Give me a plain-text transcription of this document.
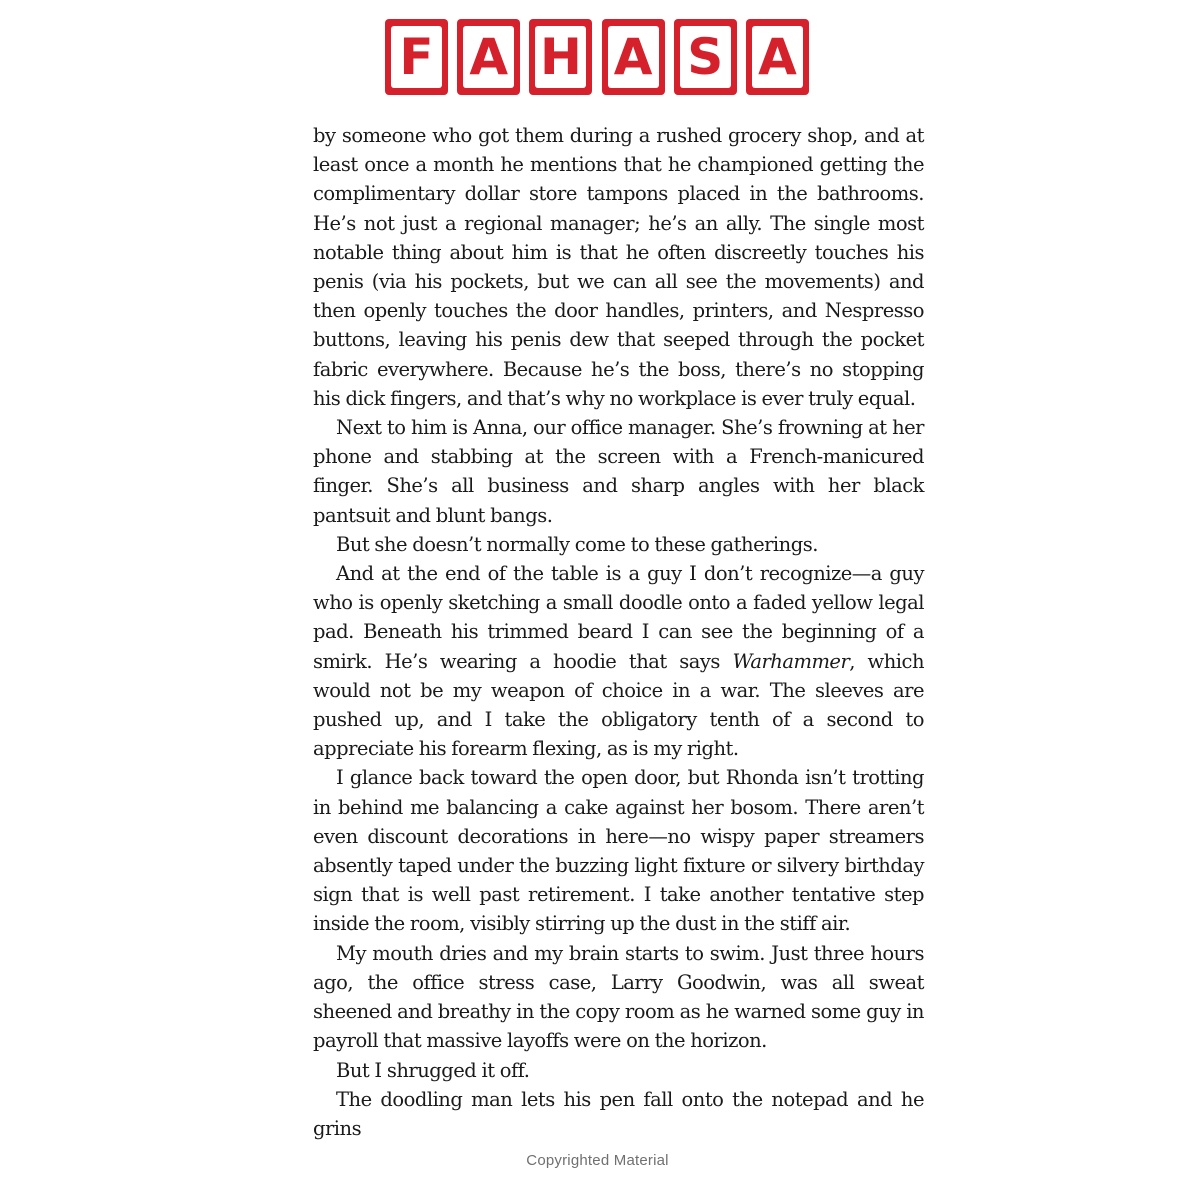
F A H A S A

by someone who got them during a rushed grocery shop, and at least once a month he mentions that he championed getting the complimentary dollar store tampons placed in the bathrooms. He’s not just a regional manager; he’s an ally. The single most notable thing about him is that he often discreetly touches his penis (via his pockets, but we can all see the movements) and then openly touches the door handles, printers, and Nespresso buttons, leaving his penis dew that seeped through the pocket fabric everywhere. Because he’s the boss, there’s no stopping his dick fingers, and that’s why no workplace is ever truly equal.

Next to him is Anna, our office manager. She’s frowning at her phone and stabbing at the screen with a French-manicured finger. She’s all business and sharp angles with her black pantsuit and blunt bangs.

But she doesn’t normally come to these gatherings.

And at the end of the table is a guy I don’t recognize—a guy who is openly sketching a small doodle onto a faded yellow legal pad. Beneath his trimmed beard I can see the beginning of a smirk. He’s wearing a hoodie that says Warhammer, which would not be my weapon of choice in a war. The sleeves are pushed up, and I take the obligatory tenth of a second to appreciate his forearm flexing, as is my right.

I glance back toward the open door, but Rhonda isn’t trotting in behind me balancing a cake against her bosom. There aren’t even discount decorations in here—no wispy paper streamers absently taped under the buzzing light fixture or silvery birthday sign that is well past retirement. I take another tentative step inside the room, visibly stirring up the dust in the stiff air.

My mouth dries and my brain starts to swim. Just three hours ago, the office stress case, Larry Goodwin, was all sweat sheened and breathy in the copy room as he warned some guy in payroll that massive layoffs were on the horizon.

But I shrugged it off.

The doodling man lets his pen fall onto the notepad and he grins

Copyrighted Material
